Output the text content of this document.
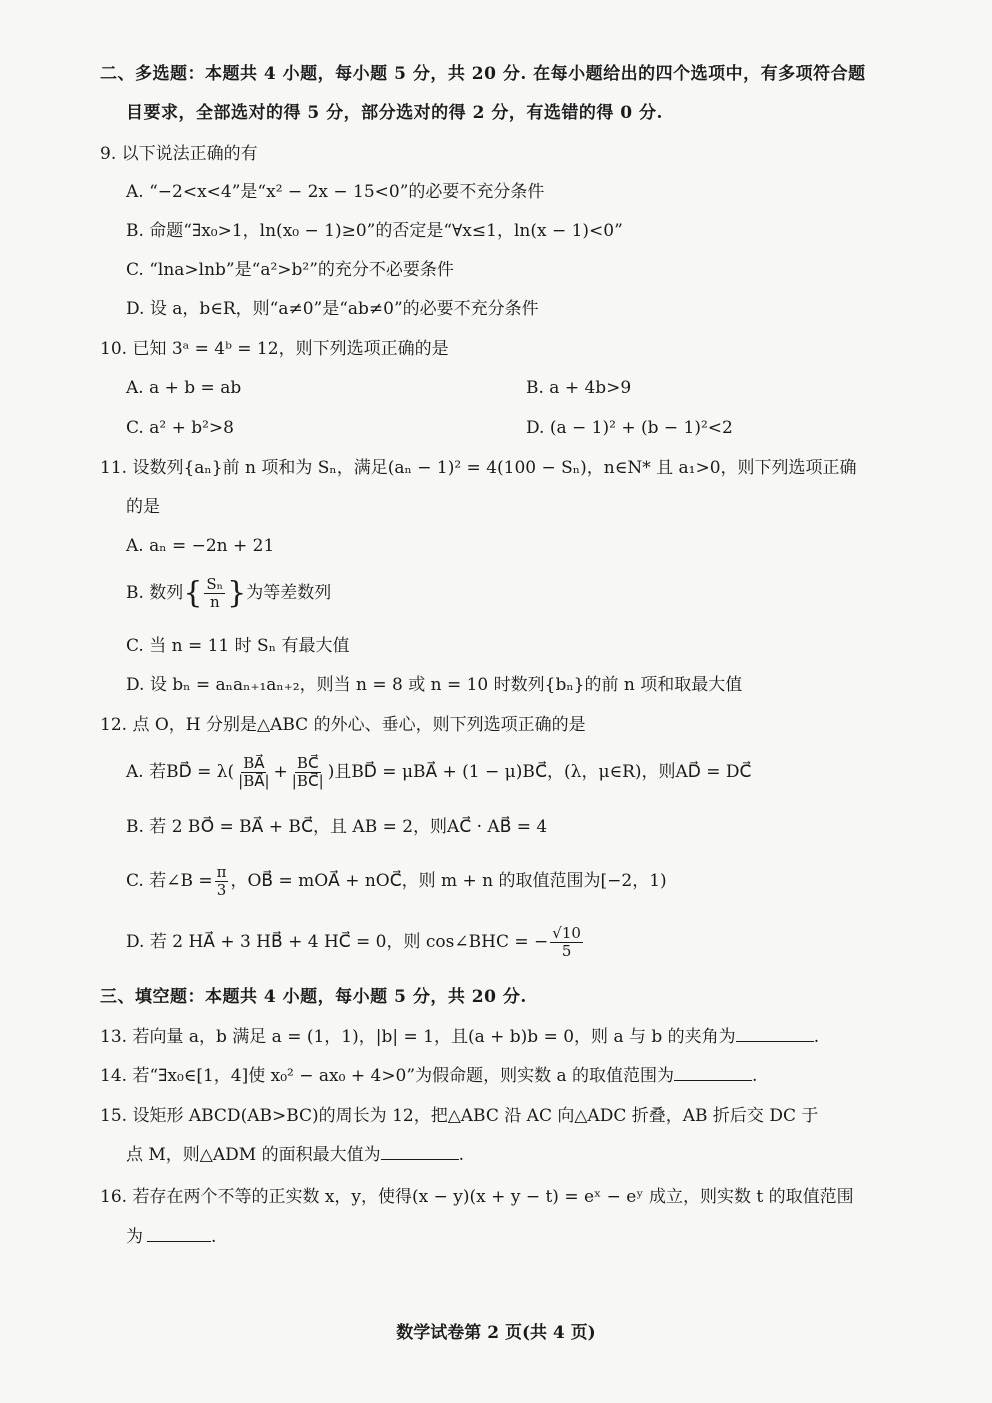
二、多选题：本题共 4 小题，每小题 5 分，共 20 分. 在每小题给出的四个选项中，有多项符合题
目要求，全部选对的得 5 分，部分选对的得 2 分，有选错的得 0 分.
9. 以下说法正确的有
A. “−2<x<4”是“x² − 2x − 15<0”的必要不充分条件
B. 命题“∃x₀>1，ln(x₀ − 1)≥0”的否定是“∀x≤1，ln(x − 1)<0”
C. “lna>lnb”是“a²>b²”的充分不必要条件
D. 设 a，b∈R，则“a≠0”是“ab≠0”的必要不充分条件
10. 已知 3ᵃ = 4ᵇ = 12，则下列选项正确的是
A. a + b = ab	B. a + 4b>9
C. a² + b²>8	D. (a − 1)² + (b − 1)²<2
11. 设数列{aₙ}前 n 项和为 Sₙ，满足(aₙ − 1)² = 4(100 − Sₙ)，n∈N* 且 a₁>0，则下列选项正确
的是
A. aₙ = −2n + 21
B. 数列{ $\frac{\text{Sₙ}}{n}$ }为等差数列
C. 当 n = 11 时 Sₙ 有最大值
D. 设 bₙ = aₙaₙ₊₁aₙ₊₂，则当 n = 8 或 n = 10 时数列{bₙ}的前 n 项和取最大值
12. 点 O，H 分别是△ABC 的外心、垂心，则下列选项正确的是
A. 若BD⃗ = $\lambda( \frac{BA⃗}{|BA⃗|} + \frac{BC⃗}{|BC⃗|}$ )且BD⃗ = μBA⃗ + (1 − μ)BC⃗，(λ，μ∈R)，则AD⃗ = DC⃗
B. 若 2 BO⃗ = BA⃗ + BC⃗，且 AB = 2，则AC⃗ · AB⃗ = 4
C. 若∠B = $\frac{\pi}{3}$ ，OB⃗ = mOA⃗ + nOC⃗，则 m + n 的取值范围为[−2，1)
D. 若 2 HA⃗ + 3 HB⃗ + 4 HC⃗ = 0，则 cos∠BHC = − $\frac{√10}{5}$
三、填空题：本题共 4 小题，每小题 5 分，共 20 分.
13. 若向量 a，b 满足 a = (1，1)，|b| = 1，且(a + b)b = 0，则 a 与 b 的夹角为	.
14. 若“∃x₀∈[1，4]使 x₀² − ax₀ + 4>0”为假命题，则实数 a 的取值范围为	.
15. 设矩形 ABCD(AB>BC)的周长为 12，把△ABC 沿 AC 向△ADC 折叠，AB 折后交 DC 于
点 M，则△ADM 的面积最大值为	.
16. 若存在两个不等的正实数 x，y，使得(x − y)(x + y − t) = eˣ − eʸ 成立，则实数 t 的取值范围
为	.
数学试卷第 2 页(共 4 页)
